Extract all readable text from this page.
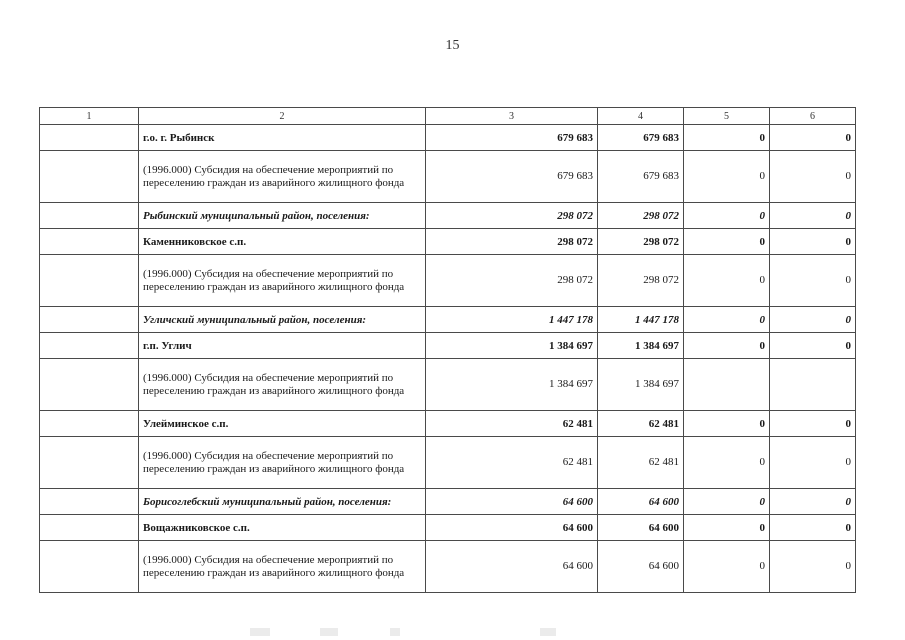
15
1	2	3	4	5	6
	г.о. г. Рыбинск	679 683	679 683	0	0
	(1996.000) Субсидия на обеспечение мероприятий по переселению граждан из аварийного жилищного фонда	679 683	679 683	0	0
	Рыбинский муниципальный район, поселения:	298 072	298 072	0	0
	Каменниковское с.п.	298 072	298 072	0	0
	(1996.000) Субсидия на обеспечение мероприятий по переселению граждан из аварийного жилищного фонда	298 072	298 072	0	0
	Угличский муниципальный район, поселения:	1 447 178	1 447 178	0	0
	г.п. Углич	1 384 697	1 384 697	0	0
	(1996.000) Субсидия на обеспечение мероприятий по переселению граждан из аварийного жилищного фонда	1 384 697	1 384 697		
	Улейминское с.п.	62 481	62 481	0	0
	(1996.000) Субсидия на обеспечение мероприятий по переселению граждан из аварийного жилищного фонда	62 481	62 481	0	0
	Борисоглебский муниципальный район, поселения:	64 600	64 600	0	0
	Вощажниковское с.п.	64 600	64 600	0	0
	(1996.000) Субсидия на обеспечение мероприятий по переселению граждан из аварийного жилищного фонда	64 600	64 600	0	0
